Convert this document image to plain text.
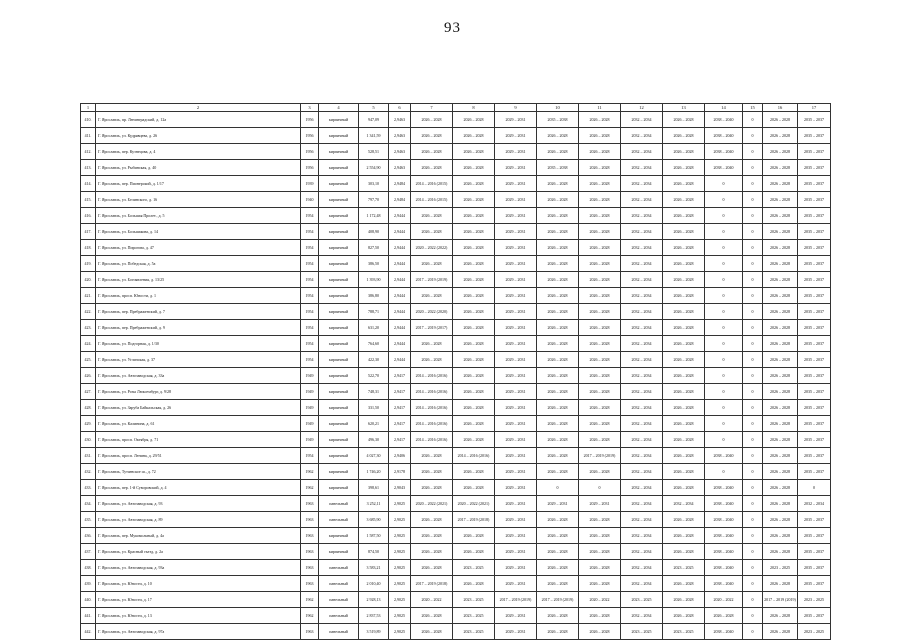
93
1	2	3	4	5	6	7	8	9	10	11	12	13	14	15	16	17
410.	Г. Ярославль, пр. Ленинградский, д. 12а	1956	кирпичный	947,09	2,9463	2026 – 2028	2026 – 2028	2029 – 2031	2035 – 2038	2026 – 2028	2032 – 2034	2026 – 2028	2038 – 2040	0	2026 – 2028	2035 – 2037
411.	Г. Ярославль, ул. Кудрявцева, д. 26	1956	кирпичный	1 341,59	2,9463	2026 – 2028	2026 – 2028	2029 – 2031	2026 – 2028	2026 – 2028	2032 – 2034	2026 – 2028	2038 – 2040	0	2026 – 2028	2035 – 2037
412.	Г. Ярославль, пер. Кузнецова, д. 4	1956	кирпичный	528,51	2,9463	2026 – 2028	2026 – 2028	2029 – 2031	2026 – 2028	2026 – 2028	2032 – 2034	2026 – 2028	2038 – 2040	0	2026 – 2028	2035 – 2037
413.	Г. Ярославль, ул. Рыбинская, д. 40	1956	кирпичный	2 554,90	2,9463	2026 – 2028	2026 – 2028	2029 – 2031	2035 – 2038	2026 – 2028	2032 – 2034	2026 – 2028	2038 – 2040	0	2026 – 2028	2035 – 2037
414.	Г. Ярославль, пер. Пионерский, д. 1/17	1939	кирпичный	303,10	2,9484	2014 – 2016 (2015)	2026 – 2028	2029 – 2031	2026 – 2028	2026 – 2028	2032 – 2034	2026 – 2028	0	0	2026 – 2028	2035 – 2037
415.	Г. Ярославль, ул. Белинского, д. 16	1940	кирпичный	797,70	2,9484	2014 – 2016 (2015)	2026 – 2028	2029 – 2031	2026 – 2028	2026 – 2028	2032 – 2034	2026 – 2028	0	0	2026 – 2028	2035 – 2037
416.	Г. Ярославль, ул. Большая Пролет., д. 5	1954	кирпичный	1 172,48	2,9444	2026 – 2028	2026 – 2028	2029 – 2031	2026 – 2028	2026 – 2028	2032 – 2034	2026 – 2028	0	0	2026 – 2028	2035 – 2037
417.	Г. Ярославль, ул. Большакова, д. 14	1954	кирпичный	408,90	2,9444	2026 – 2028	2026 – 2028	2029 – 2031	2026 – 2028	2026 – 2028	2032 – 2034	2026 – 2028	0	0	2026 – 2028	2035 – 2037
418.	Г. Ярославль, ул. Пирогова, д. 47	1954	кирпичный	827,50	2,9444	2020 – 2022 (2022)	2026 – 2028	2029 – 2031	2026 – 2028	2026 – 2028	2032 – 2034	2026 – 2028	0	0	2026 – 2028	2035 – 2037
419.	Г. Ярославль, ул. Победская, д. 5а	1954	кирпичный	386,50	2,9444	2026 – 2028	2026 – 2028	2029 – 2031	2026 – 2028	2026 – 2028	2032 – 2034	2026 – 2028	0	0	2026 – 2028	2035 – 2037
420.	Г. Ярославль, ул. Богоявления, д. 13/25	1954	кирпичный	1 393,90	2,9444	2017 – 2019 (2019)	2026 – 2028	2029 – 2031	2026 – 2028	2026 – 2028	2032 – 2034	2026 – 2028	0	0	2026 – 2028	2035 – 2037
421.	Г. Ярославль, просп. Юности, д. 1	1954	кирпичный	386,80	2,9444	2026 – 2028	2026 – 2028	2029 – 2031	2026 – 2028	2026 – 2028	2032 – 2034	2026 – 2028	0	0	2026 – 2028	2035 – 2037
422.	Г. Ярославль, пер. Пребраженский, д. 7	1954	кирпичный	788,71	2,9444	2020 – 2022 (2020)	2026 – 2028	2029 – 2031	2026 – 2028	2026 – 2028	2032 – 2034	2026 – 2028	0	0	2026 – 2028	2035 – 2037
423.	Г. Ярославль, пер. Пребраженский, д. 9	1954	кирпичный	631,20	2,9444	2017 – 2019 (2017)	2026 – 2028	2029 – 2031	2026 – 2028	2026 – 2028	2032 – 2034	2026 – 2028	0	0	2026 – 2028	2035 – 2037
424.	Г. Ярославль, ул. Подгорная, д. 1/30	1954	кирпичный	764,60	2,9444	2026 – 2028	2026 – 2028	2029 – 2031	2026 – 2028	2026 – 2028	2032 – 2034	2026 – 2028	0	0	2026 – 2028	2035 – 2037
425.	Г. Ярославль, ул. Угличская, д. 37	1954	кирпичный	422,30	2,9444	2026 – 2028	2026 – 2028	2029 – 2031	2026 – 2028	2026 – 2028	2032 – 2034	2026 – 2028	0	0	2026 – 2028	2035 – 2037
426.	Г. Ярославль, ул. Автозаводская, д. 33а	1949	кирпичный	522,70	2,9417	2014 – 2016 (2016)	2026 – 2028	2029 – 2031	2026 – 2028	2026 – 2028	2032 – 2034	2026 – 2028	0	0	2026 – 2028	2035 – 2037
427.	Г. Ярославль, ул. Розы Люксембург, д. 9/28	1949	кирпичный	748,31	2,9417	2014 – 2016 (2016)	2026 – 2028	2029 – 2031	2026 – 2028	2026 – 2028	2032 – 2034	2026 – 2028	0	0	2026 – 2028	2035 – 2037
428.	Г. Ярославль, ул. Заруба Байкальская, д. 26	1949	кирпичный	331,50	2,9417	2014 – 2016 (2016)	2026 – 2028	2029 – 2031	2026 – 2028	2026 – 2028	2032 – 2034	2026 – 2028	0	0	2026 – 2028	2035 – 2037
429.	Г. Ярославль, ул. Калинина, д. 61	1949	кирпичный	620,21	2,9417	2014 – 2016 (2016)	2026 – 2028	2029 – 2031	2026 – 2028	2026 – 2028	2032 – 2034	2026 – 2028	0	0	2026 – 2028	2035 – 2037
430.	Г. Ярославль, просп. Октября, д. 71	1949	кирпичный	496,30	2,9417	2014 – 2016 (2016)	2026 – 2028	2029 – 2031	2026 – 2028	2026 – 2028	2032 – 2034	2026 – 2028	0	0	2026 – 2028	2035 – 2037
431.	Г. Ярославль, просп. Ленина, д. 29/51	1954	кирпичный	4 027,30	2,9406	2026 – 2028	2014 – 2016 (2016)	2029 – 2031	2026 – 2028	2017 – 2019 (2019)	2032 – 2034	2026 – 2028	2038 – 2040	0	2026 – 2028	2035 – 2037
432.	Г. Ярославль, Тутаевское ш., д. 72	1962	кирпичный	1 746,20	2,9178	2026 – 2028	2026 – 2028	2029 – 2031	2026 – 2028	2026 – 2028	2032 – 2034	2026 – 2028	0	0	2026 – 2028	2035 – 2037
433.	Г. Ярославль, пер. 1-й Суворовский, д. 4	1962	кирпичный	398,61	2,9043	2026 – 2028	2026 – 2028	2029 – 2031	0	0	2032 – 2034	2026 – 2028	2038 – 2040	0	2026 – 2028	0
434.	Г. Ярославль, ул. Автозаводская, д. 93	1963	панельный	3 252,11	2,9025	2020 – 2022 (2021)	2020 – 2022 (2021)	2029 – 2031	2029 – 2031	2029 – 2031	2032 – 2034	2032 – 2034	2038 – 2040	0	2026 – 2028	2032 – 2034
435.	Г. Ярославль, ул. Автозаводская, д. 89	1963	панельный	3 685,90	2,9025	2026 – 2028	2017 – 2019 (2018)	2029 – 2031	2026 – 2028	2026 – 2028	2032 – 2034	2026 – 2028	2038 – 2040	0	2026 – 2028	2035 – 2037
436.	Г. Ярославль, пер. Мукомольный, д. 4а	1963	кирпичный	1 587,50	2,9025	2026 – 2028	2026 – 2028	2029 – 2031	2026 – 2028	2026 – 2028	2032 – 2034	2026 – 2028	2038 – 2040	0	2026 – 2028	2035 – 2037
437.	Г. Ярославль, ул. Красный съезд, д. 2а	1963	кирпичный	874,50	2,9025	2026 – 2028	2026 – 2028	2029 – 2031	2026 – 2028	2026 – 2028	2032 – 2034	2026 – 2028	2038 – 2040	0	2026 – 2028	2035 – 2037
438.	Г. Ярославль, ул. Автозаводская, д. 93а	1963	панельный	3 583,21	2,9025	2026 – 2028	2023 – 2025	2029 – 2031	2026 – 2028	2026 – 2028	2032 – 2034	2023 – 2025	2038 – 2040	0	2023 – 2025	2035 – 2037
439.	Г. Ярославль, ул. Юности, д. 10	1963	панельный	2 010,40	2,9025	2017 – 2019 (2018)	2026 – 2028	2029 – 2031	2026 – 2028	2026 – 2028	2032 – 2034	2026 – 2028	2038 – 2040	0	2026 – 2028	2035 – 2037
440.	Г. Ярославль, ул. Юности, д. 17	1962	панельный	2 928,13	2,9025	2020 – 2022	2023 – 2025	2017 – 2019 (2019)	2017 – 2019 (2019)	2020 – 2022	2023 – 2025	2026 – 2028	2020 – 2022	0	2017 – 2019 (2019)	2023 – 2025
441.	Г. Ярославль, ул. Юности, д. 13	1962	панельный	2 837,53	2,9025	2026 – 2028	2023 – 2025	2029 – 2031	2026 – 2028	2026 – 2028	2032 – 2034	2026 – 2028	2026 – 2028	0	2026 – 2028	2035 – 2037
442.	Г. Ярославль, ул. Автозаводская, д. 97а	1963	панельный	3 519,89	2,9025	2026 – 2028	2023 – 2025	2029 – 2031	2026 – 2028	2026 – 2028	2023 – 2025	2023 – 2025	2038 – 2040	0	2026 – 2028	2023 – 2025
